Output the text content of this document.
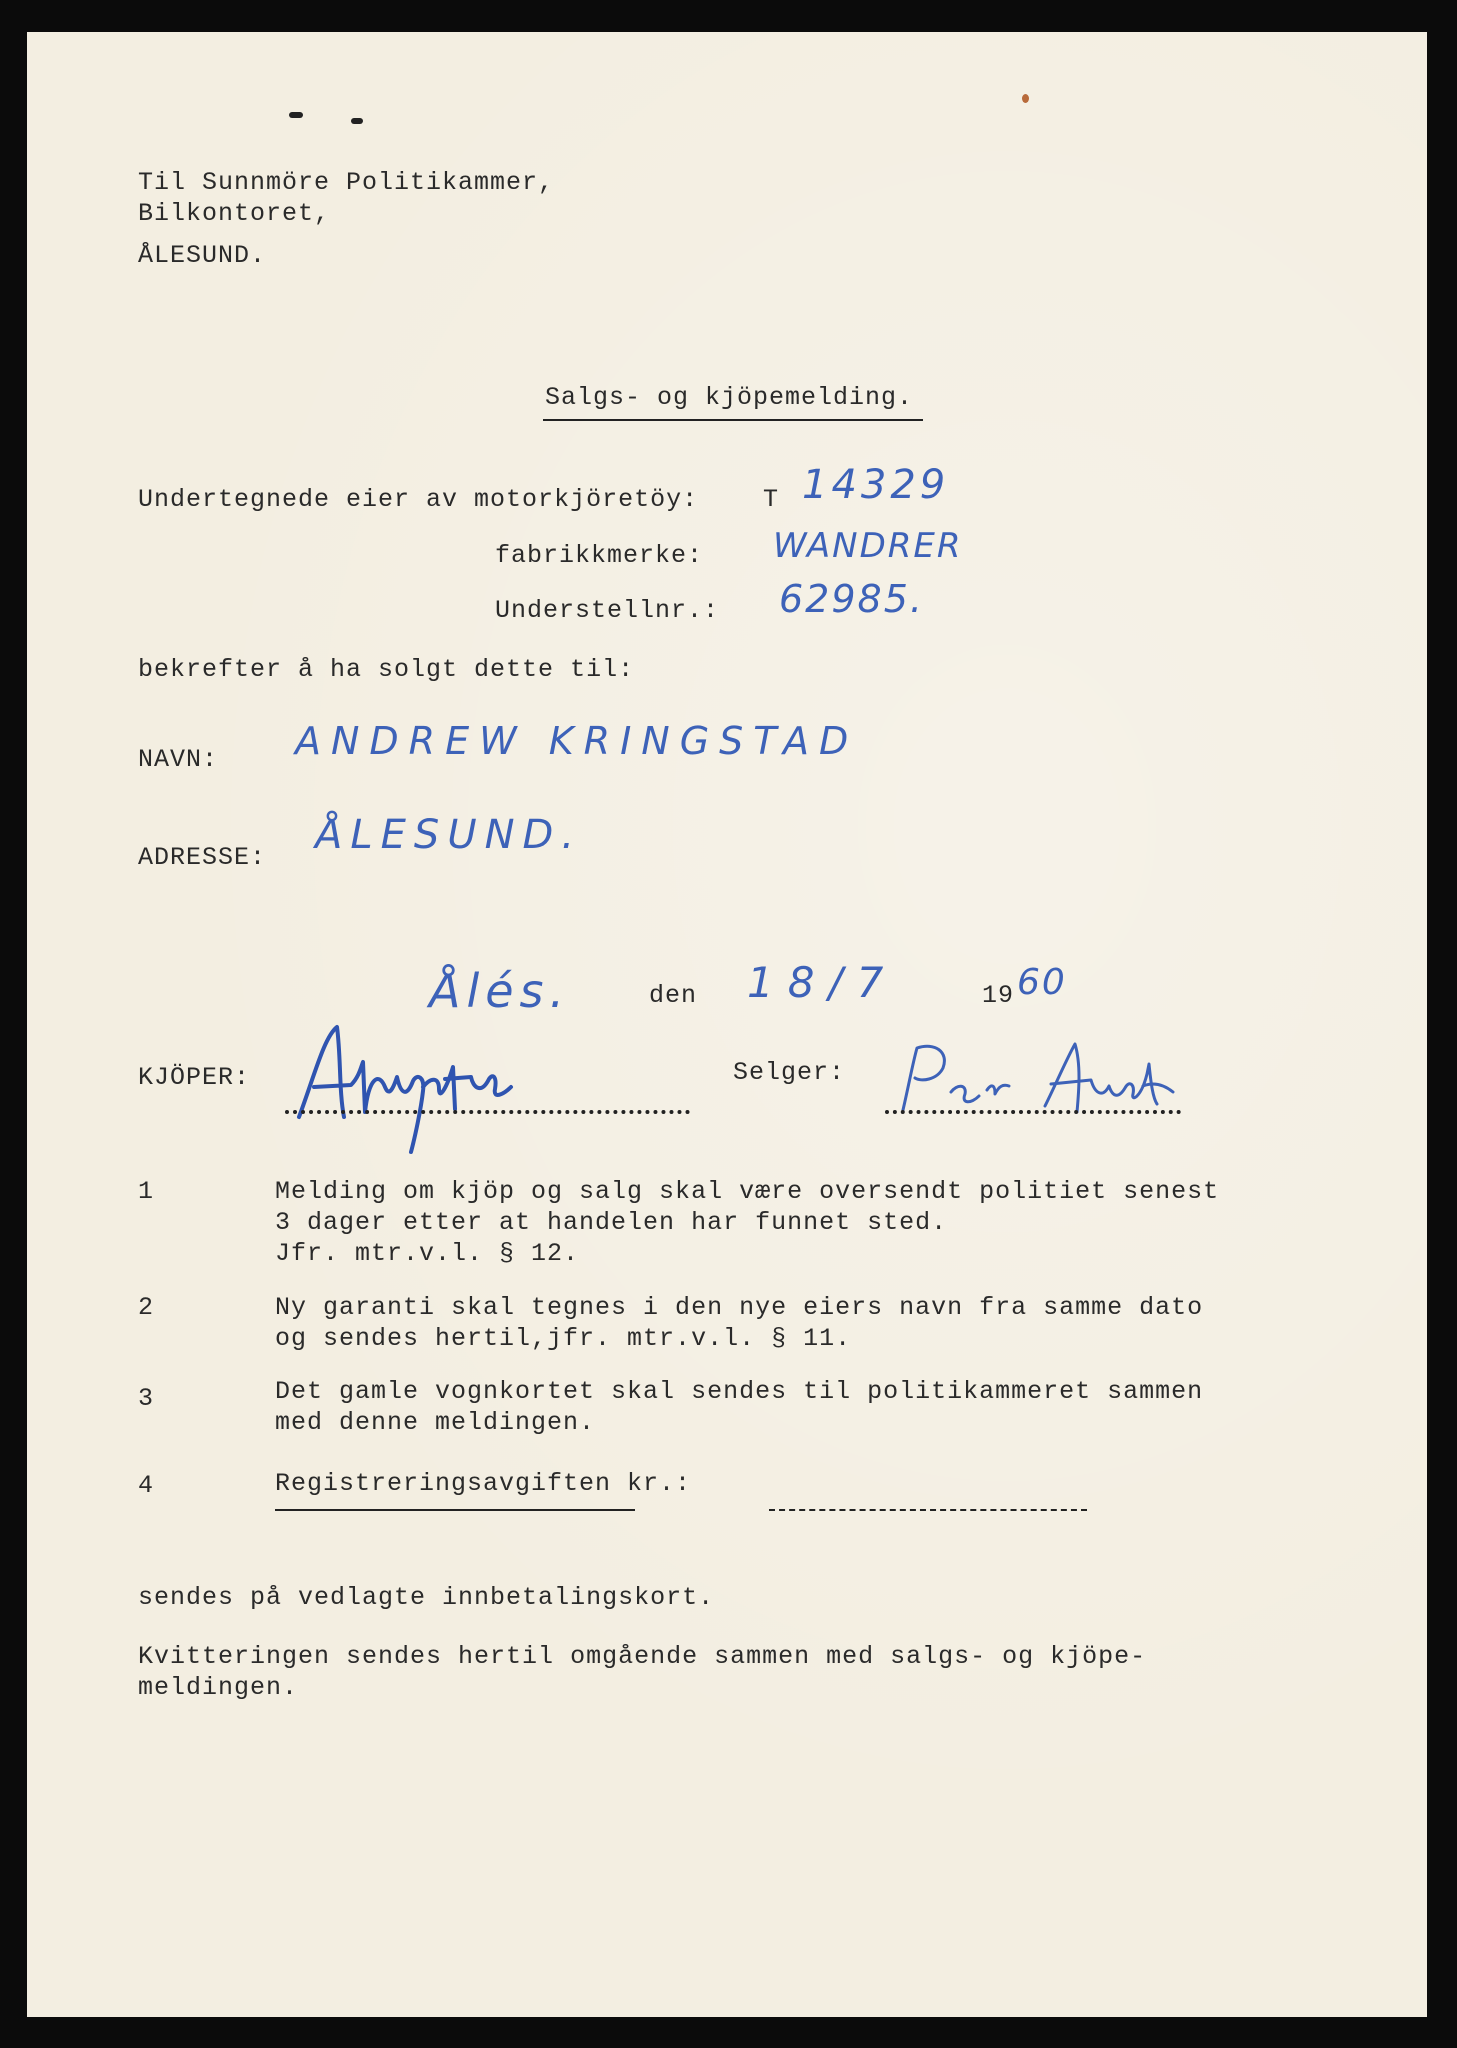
Til Sunnmöre Politikammer,
Bilkontoret,
ÅLESUND.
Salgs- og kjöpemelding.
Undertegnede eier av motorkjöretöy:	T 14329
fabrikkmerke: WANDRER
Understellnr.: 62985.
bekrefter å ha solgt dette til:
NAVN: ANDREW KRINGSTAD
ADRESSE: ÅLESUND.
Ålés.	den 18/7	19 60
KJÖPER:
A Kringstad
Selger:
Per Aarek
1	Melding om kjöp og salg skal være oversendt politiet senest
3 dager etter at handelen har funnet sted.
Jfr. mtr.v.l. § 12.
2	Ny garanti skal tegnes i den nye eiers navn fra samme dato
og sendes hertil,jfr. mtr.v.l. § 11.
3	Det gamle vognkortet skal sendes til politikammeret sammen
med denne meldingen.
4	Registreringsavgiften kr.:
sendes på vedlagte innbetalingskort.
Kvitteringen sendes hertil omgående sammen med salgs- og kjöpe-
meldingen.
